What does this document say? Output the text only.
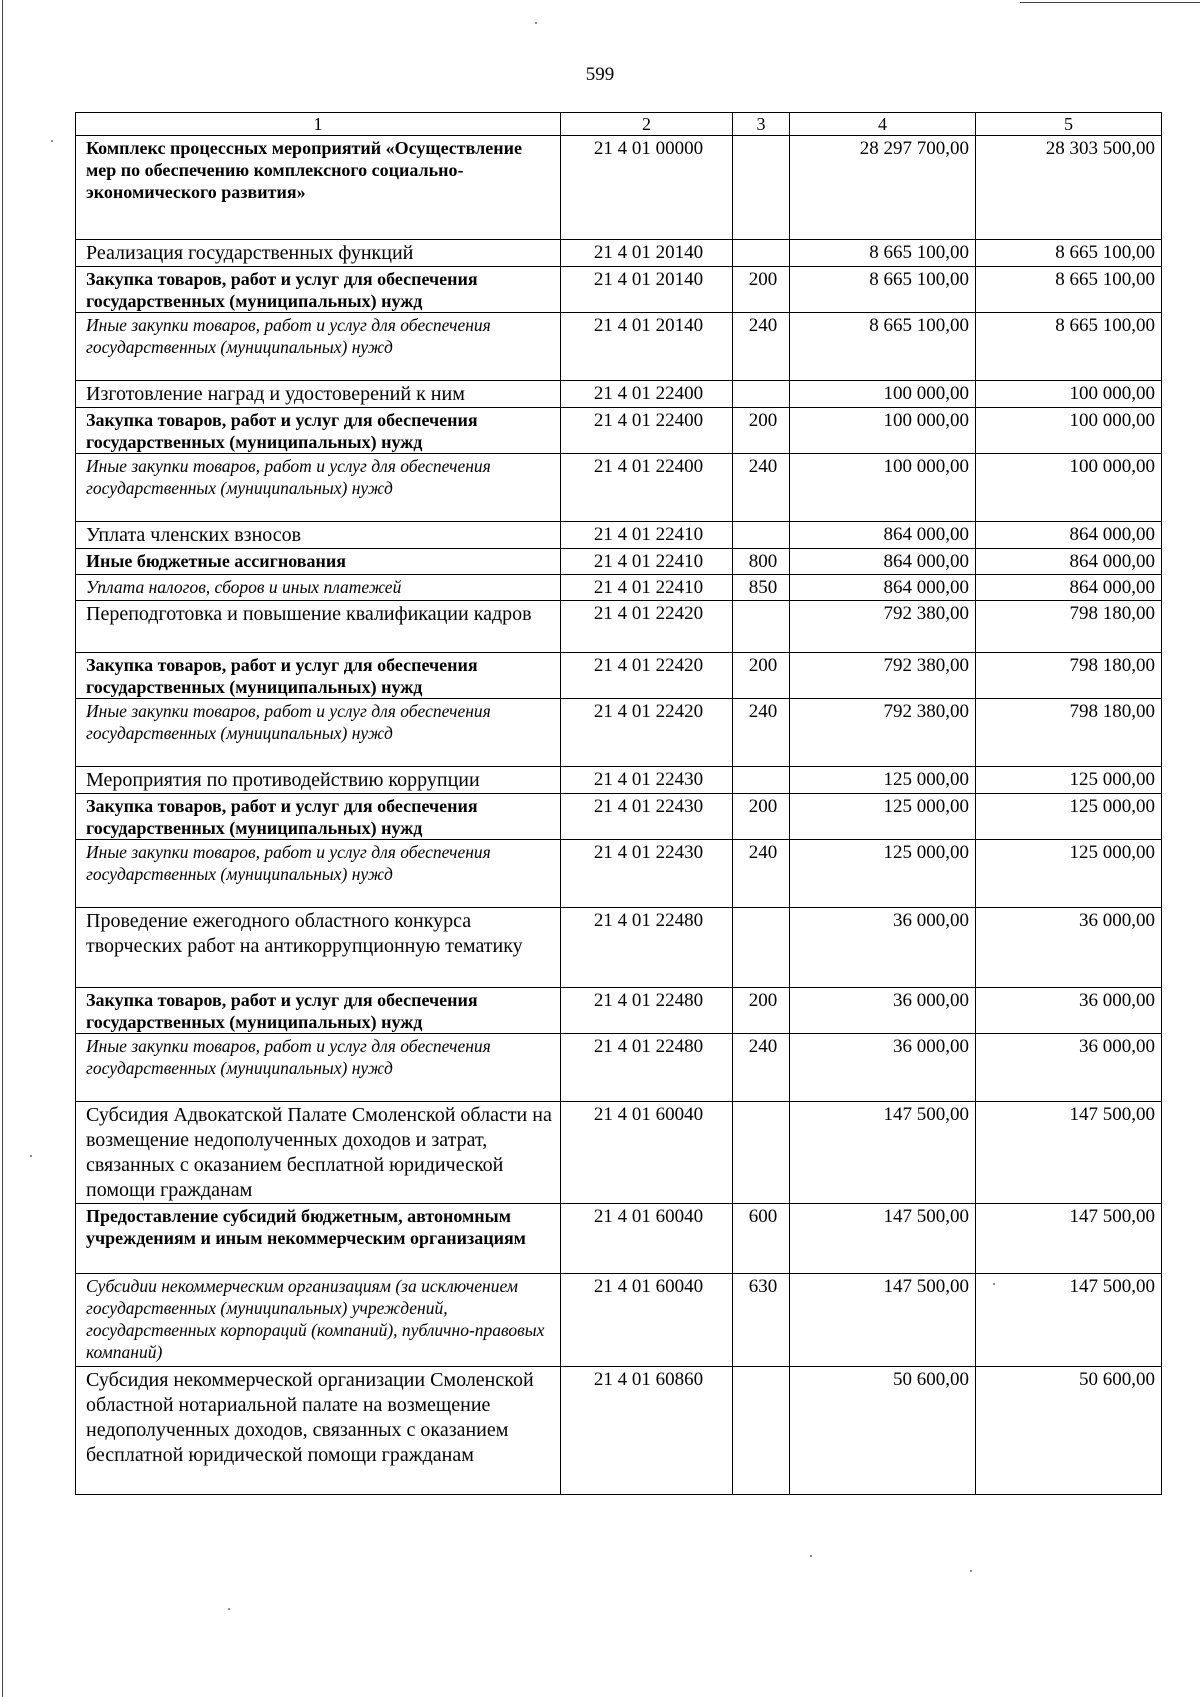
599
1	2	3	4	5
Комплекс процессных мероприятий «Осуществление мер по обеспечению комплексного социально-экономического развития»	21 4 01 00000		28 297 700,00	28 303 500,00
Реализация государственных функций	21 4 01 20140		8 665 100,00	8 665 100,00
Закупка товаров, работ и услуг для обеспечения государственных (муниципальных) нужд	21 4 01 20140	200	8 665 100,00	8 665 100,00
Иные закупки товаров, работ и услуг для обеспечения государственных (муниципальных) нужд	21 4 01 20140	240	8 665 100,00	8 665 100,00
Изготовление наград и удостоверений к ним	21 4 01 22400		100 000,00	100 000,00
Закупка товаров, работ и услуг для обеспечения государственных (муниципальных) нужд	21 4 01 22400	200	100 000,00	100 000,00
Иные закупки товаров, работ и услуг для обеспечения государственных (муниципальных) нужд	21 4 01 22400	240	100 000,00	100 000,00
Уплата членских взносов	21 4 01 22410		864 000,00	864 000,00
Иные бюджетные ассигнования	21 4 01 22410	800	864 000,00	864 000,00
Уплата налогов, сборов и иных платежей	21 4 01 22410	850	864 000,00	864 000,00
Переподготовка и повышение квалификации кадров	21 4 01 22420		792 380,00	798 180,00
Закупка товаров, работ и услуг для обеспечения государственных (муниципальных) нужд	21 4 01 22420	200	792 380,00	798 180,00
Иные закупки товаров, работ и услуг для обеспечения государственных (муниципальных) нужд	21 4 01 22420	240	792 380,00	798 180,00
Мероприятия по противодействию коррупции	21 4 01 22430		125 000,00	125 000,00
Закупка товаров, работ и услуг для обеспечения государственных (муниципальных) нужд	21 4 01 22430	200	125 000,00	125 000,00
Иные закупки товаров, работ и услуг для обеспечения государственных (муниципальных) нужд	21 4 01 22430	240	125 000,00	125 000,00
Проведение ежегодного областного конкурса творческих работ на антикоррупционную тематику	21 4 01 22480		36 000,00	36 000,00
Закупка товаров, работ и услуг для обеспечения государственных (муниципальных) нужд	21 4 01 22480	200	36 000,00	36 000,00
Иные закупки товаров, работ и услуг для обеспечения государственных (муниципальных) нужд	21 4 01 22480	240	36 000,00	36 000,00
Субсидия Адвокатской Палате Смоленской области на возмещение недополученных доходов и затрат, связанных с оказанием бесплатной юридической помощи гражданам	21 4 01 60040		147 500,00	147 500,00
Предоставление субсидий бюджетным, автономным учреждениям и иным некоммерческим организациям	21 4 01 60040	600	147 500,00	147 500,00
Субсидии некоммерческим организациям (за исключением государственных (муниципальных) учреждений, государственных корпораций (компаний), публично-правовых компаний)	21 4 01 60040	630	147 500,00	147 500,00
Субсидия некоммерческой организации Смоленской областной нотариальной палате на возмещение недополученных доходов, связанных с оказанием бесплатной юридической помощи гражданам	21 4 01 60860		50 600,00	50 600,00
